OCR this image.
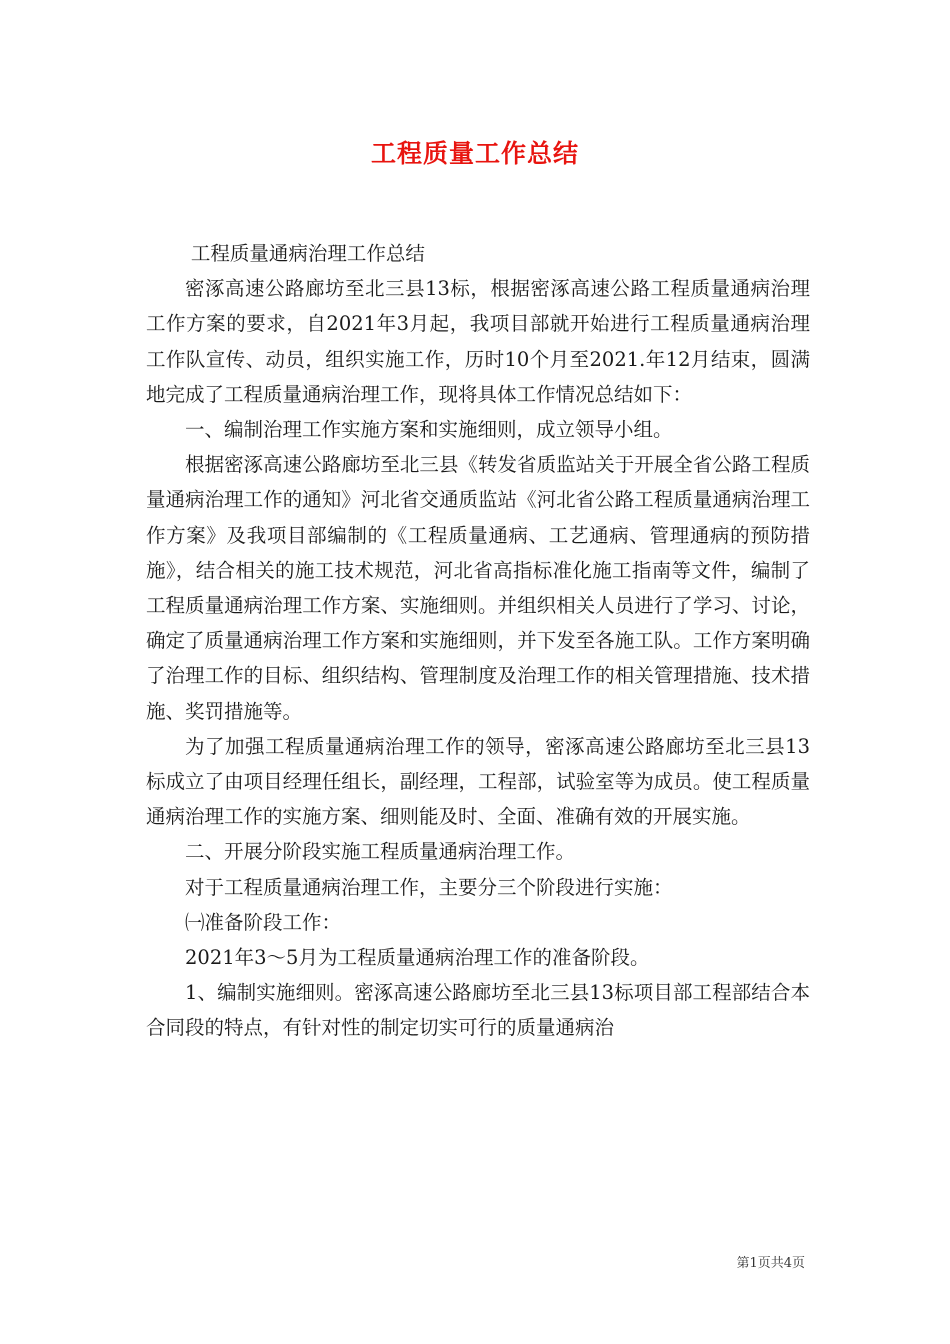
工程质量工作总结

工程质量通病治理工作总结

密涿高速公路廊坊至北三县13标，根据密涿高速公路工程质量通病治理工作方案的要求，自2021年3月起，我项目部就开始进行工程质量通病治理工作队宣传、动员，组织实施工作，历时10个月至2021.年12月结束，圆满地完成了工程质量通病治理工作，现将具体工作情况总结如下：

一、编制治理工作实施方案和实施细则，成立领导小组。

根据密涿高速公路廊坊至北三县《转发省质监站关于开展全省公路工程质量通病治理工作的通知》河北省交通质监站《河北省公路工程质量通病治理工作方案》及我项目部编制的《工程质量通病、工艺通病、管理通病的预防措施》，结合相关的施工技术规范，河北省高指标准化施工指南等文件，编制了工程质量通病治理工作方案、实施细则。并组织相关人员进行了学习、讨论，确定了质量通病治理工作方案和实施细则，并下发至各施工队。工作方案明确了治理工作的目标、组织结构、管理制度及治理工作的相关管理措施、技术措施、奖罚措施等。

为了加强工程质量通病治理工作的领导，密涿高速公路廊坊至北三县13标成立了由项目经理任组长，副经理，工程部，试验室等为成员。使工程质量通病治理工作的实施方案、细则能及时、全面、准确有效的开展实施。

二、开展分阶段实施工程质量通病治理工作。

对于工程质量通病治理工作，主要分三个阶段进行实施：

㈠准备阶段工作：

2021年3～5月为工程质量通病治理工作的准备阶段。

1、编制实施细则。密涿高速公路廊坊至北三县13标项目部工程部结合本合同段的特点，有针对性的制定切实可行的质量通病治

第1页共4页
